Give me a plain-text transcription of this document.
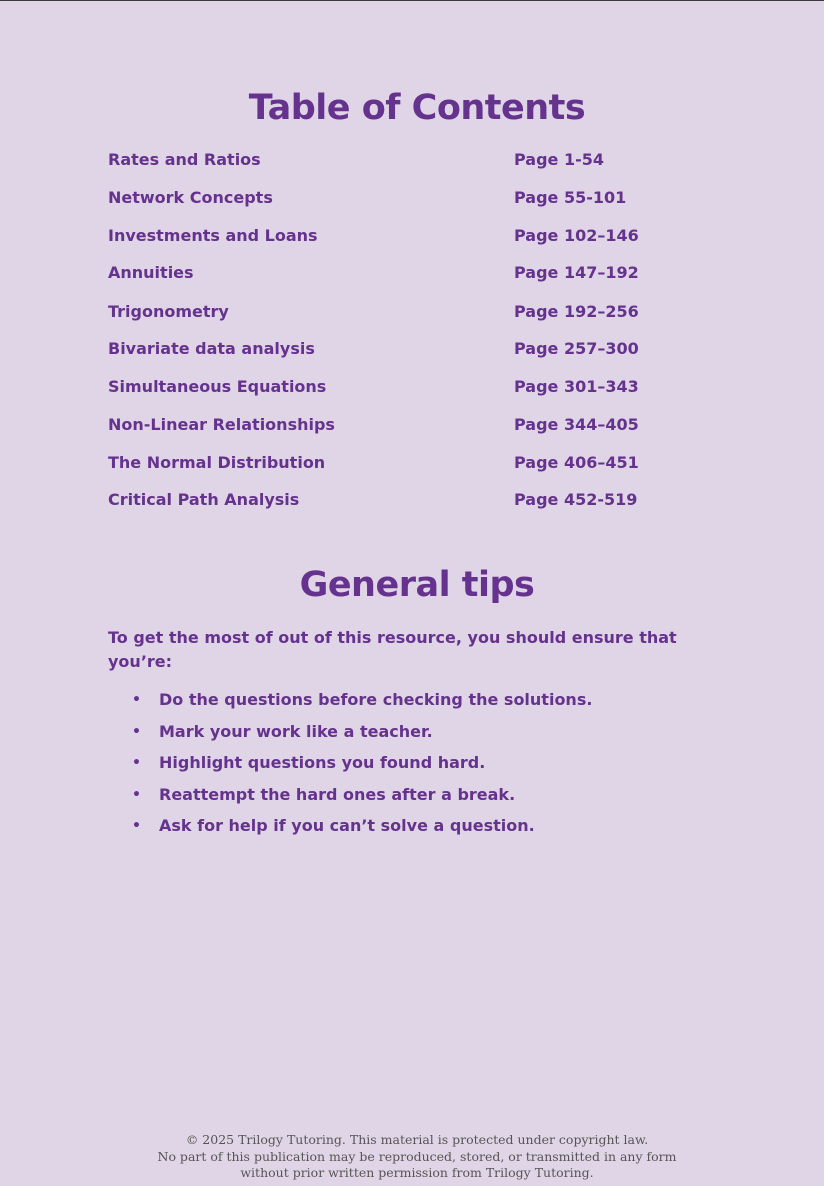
Table of Contents
Rates and Ratios	Page 1-54
Network Concepts	Page 55-101
Investments and Loans	Page 102–146
Annuities	Page 147–192
Trigonometry	Page 192–256
Bivariate data analysis	Page 257–300
Simultaneous Equations	Page 301–343
Non-Linear Relationships	Page 344–405
The Normal Distribution	Page 406–451
Critical Path Analysis	Page 452-519
General tips

To get the most of out of this resource, you should ensure that you’re:

• Do the questions before checking the solutions.
• Mark your work like a teacher.
• Highlight questions you found hard.
• Reattempt the hard ones after a break.
• Ask for help if you can’t solve a question.
© 2025 Trilogy Tutoring. This material is protected under copyright law.
No part of this publication may be reproduced, stored, or transmitted in any form
without prior written permission from Trilogy Tutoring.
